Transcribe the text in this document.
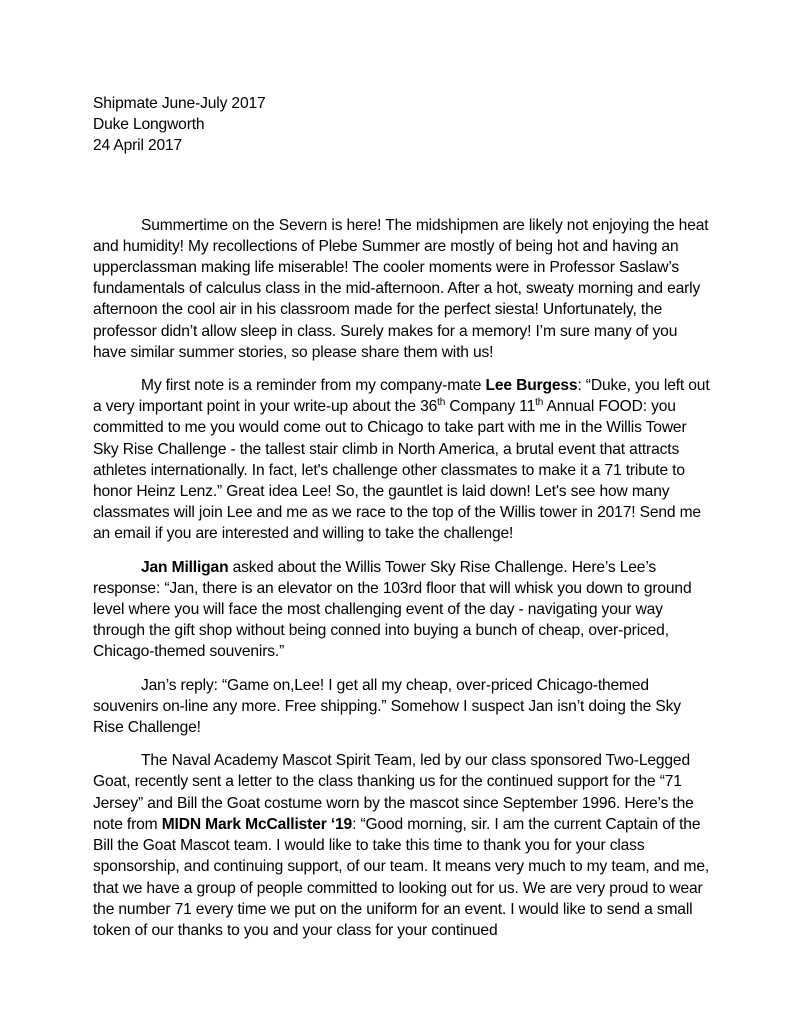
Shipmate June-July 2017
Duke Longworth
24 April 2017

Summertime on the Severn is here! The midshipmen are likely not enjoying the heat and humidity! My recollections of Plebe Summer are mostly of being hot and having an upperclassman making life miserable! The cooler moments were in Professor Saslaw’s fundamentals of calculus class in the mid-afternoon. After a hot, sweaty morning and early afternoon the cool air in his classroom made for the perfect siesta! Unfortunately, the professor didn’t allow sleep in class. Surely makes for a memory! I’m sure many of you have similar summer stories, so please share them with us!

My first note is a reminder from my company-mate Lee Burgess: “Duke, you left out a very important point in your write-up about the 36th Company 11th Annual FOOD: you committed to me you would come out to Chicago to take part with me in the Willis Tower Sky Rise Challenge - the tallest stair climb in North America, a brutal event that attracts athletes internationally. In fact, let's challenge other classmates to make it a 71 tribute to honor Heinz Lenz.” Great idea Lee! So, the gauntlet is laid down! Let's see how many classmates will join Lee and me as we race to the top of the Willis tower in 2017! Send me an email if you are interested and willing to take the challenge!

Jan Milligan asked about the Willis Tower Sky Rise Challenge. Here’s Lee’s response: “Jan, there is an elevator on the 103rd floor that will whisk you down to ground level where you will face the most challenging event of the day - navigating your way through the gift shop without being conned into buying a bunch of cheap, over-priced, Chicago-themed souvenirs.”

Jan’s reply: “Game on,Lee! I get all my cheap, over-priced Chicago-themed souvenirs on-line any more. Free shipping.” Somehow I suspect Jan isn’t doing the Sky Rise Challenge!

The Naval Academy Mascot Spirit Team, led by our class sponsored Two-Legged Goat, recently sent a letter to the class thanking us for the continued support for the “71 Jersey” and Bill the Goat costume worn by the mascot since September 1996. Here’s the note from MIDN Mark McCallister ‘19: “Good morning, sir. I am the current Captain of the Bill the Goat Mascot team. I would like to take this time to thank you for your class sponsorship, and continuing support, of our team. It means very much to my team, and me, that we have a group of people committed to looking out for us. We are very proud to wear the number 71 every time we put on the uniform for an event. I would like to send a small token of our thanks to you and your class for your continued
